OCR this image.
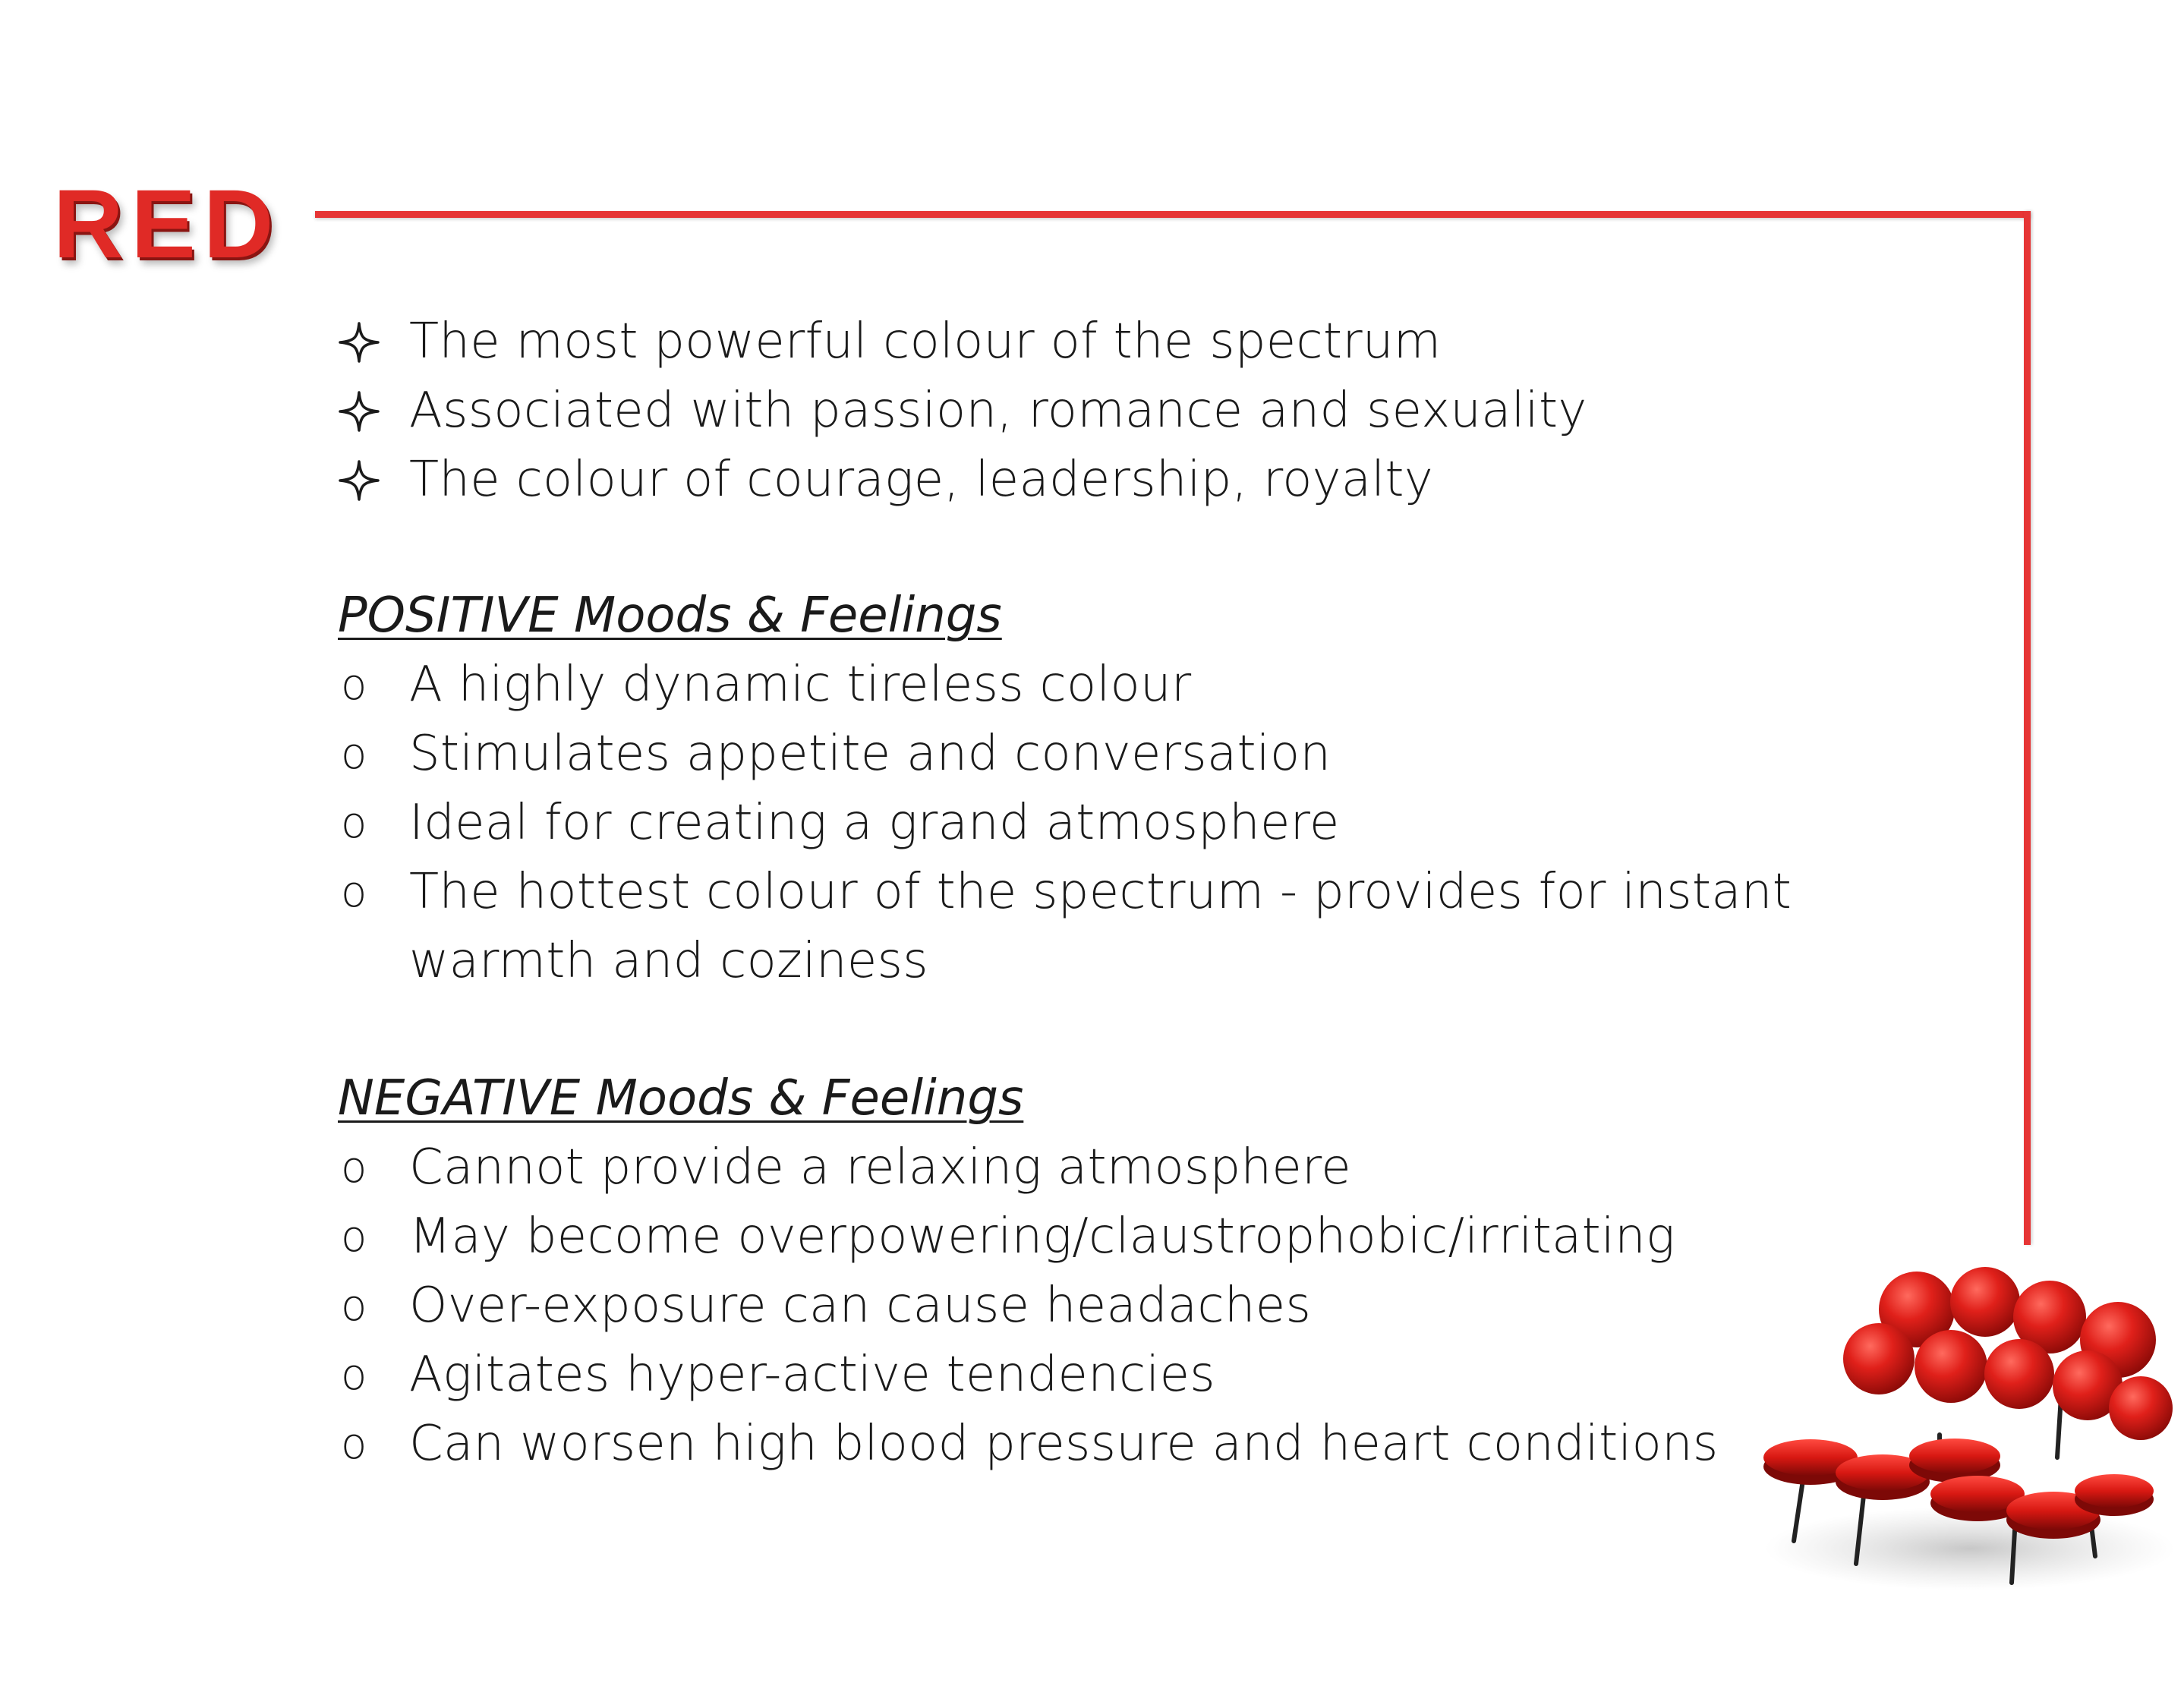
RED
The most powerful colour of the spectrum
Associated with passion, romance and sexuality
The colour of courage, leadership, royalty
POSITIVE Moods & Feelings
o A highly dynamic tireless colour
o Stimulates appetite and conversation
o Ideal for creating a grand atmosphere
o The hottest colour of the spectrum - provides for instant warmth and coziness
NEGATIVE Moods & Feelings
o Cannot provide a relaxing atmosphere
o May become overpowering/claustrophobic/irritating
o Over-exposure can cause headaches
o Agitates hyper-active tendencies
o Can worsen high blood pressure and heart conditions
